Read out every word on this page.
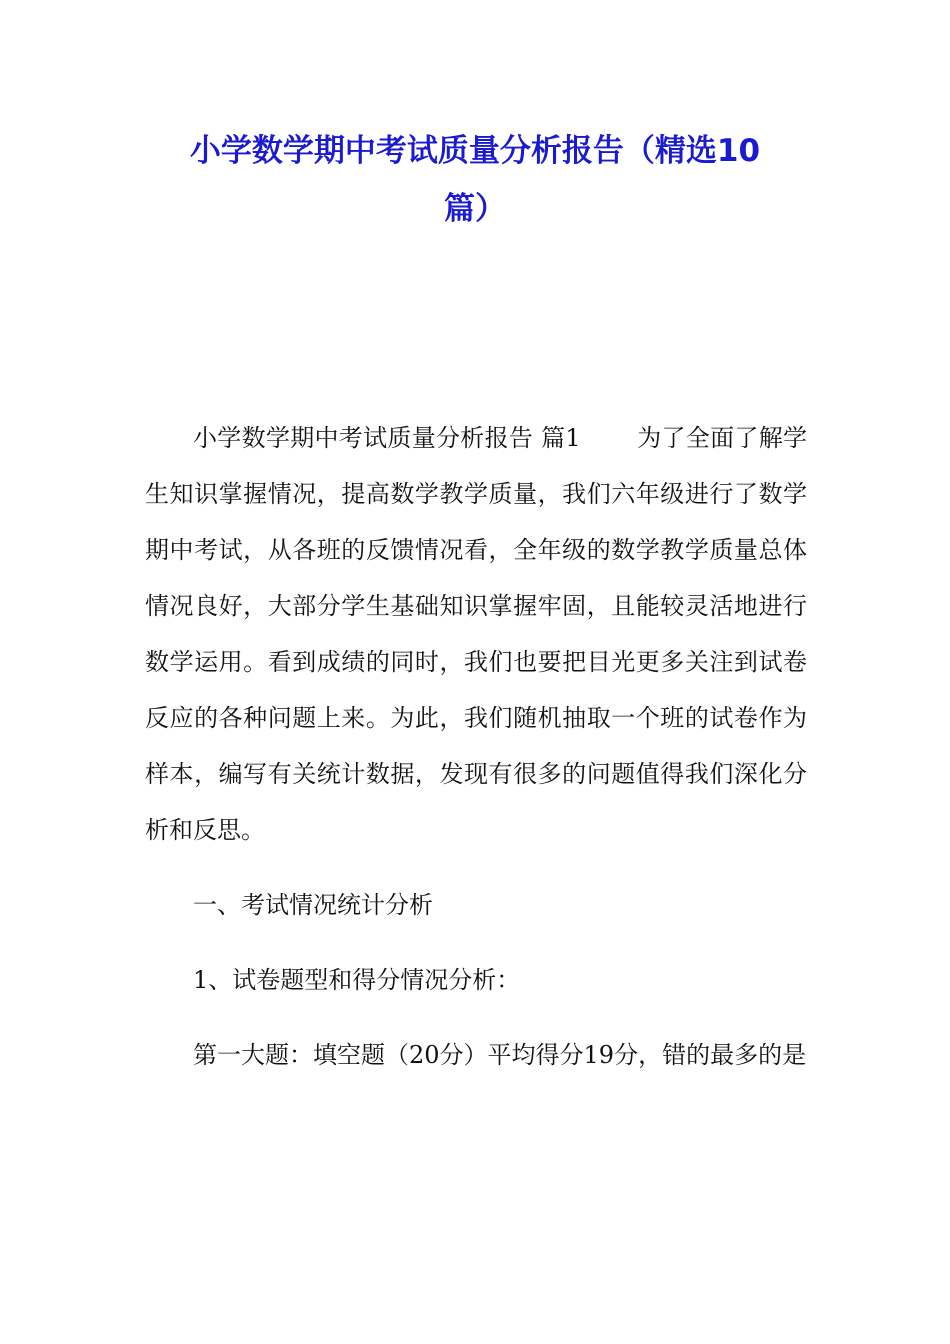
小学数学期中考试质量分析报告（精选10
篇）

小学数学期中考试质量分析报告 篇1 　　为了全面了解学生知识掌握情况，提高数学教学质量，我们六年级进行了数学期中考试，从各班的反馈情况看，全年级的数学教学质量总体情况良好，大部分学生基础知识掌握牢固，且能较灵活地进行数学运用。看到成绩的同时，我们也要把目光更多关注到试卷反应的各种问题上来。为此，我们随机抽取一个班的试卷作为样本，编写有关统计数据，发现有很多的问题值得我们深化分析和反思。

一、考试情况统计分析

1、试卷题型和得分情况分析：

第一大题：填空题（20分）平均得分19分，错的最多的是
